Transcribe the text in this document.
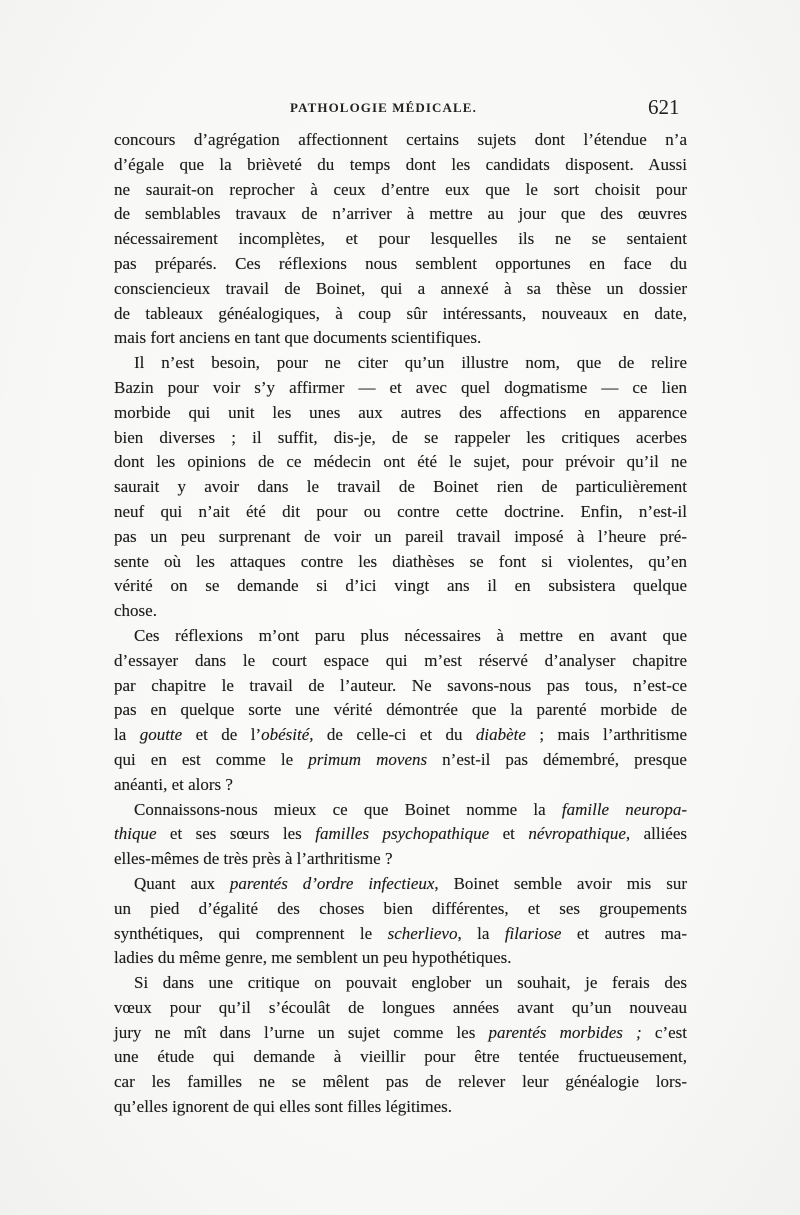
PATHOLOGIE MÉDICALE.	621
concours d’agrégation affectionnent certains sujets dont l’étendue n’a
d’égale que la brièveté du temps dont les candidats disposent. Aussi
ne saurait-on reprocher à ceux d’entre eux que le sort choisit pour
de semblables travaux de n’arriver à mettre au jour que des œuvres
nécessairement incomplètes, et pour lesquelles ils ne se sentaient
pas préparés. Ces réflexions nous semblent opportunes en face du
consciencieux travail de Boinet, qui a annexé à sa thèse un dossier
de tableaux généalogiques, à coup sûr intéressants, nouveaux en date,
mais fort anciens en tant que documents scientifiques.
Il n’est besoin, pour ne citer qu’un illustre nom, que de relire
Bazin pour voir s’y affirmer — et avec quel dogmatisme — ce lien
morbide qui unit les unes aux autres des affections en apparence
bien diverses ; il suffit, dis-je, de se rappeler les critiques acerbes
dont les opinions de ce médecin ont été le sujet, pour prévoir qu’il ne
saurait y avoir dans le travail de Boinet rien de particulièrement
neuf qui n’ait été dit pour ou contre cette doctrine. Enfin, n’est-il
pas un peu surprenant de voir un pareil travail imposé à l’heure pré-
sente où les attaques contre les diathèses se font si violentes, qu’en
vérité on se demande si d’ici vingt ans il en subsistera quelque
chose.
Ces réflexions m’ont paru plus nécessaires à mettre en avant que
d’essayer dans le court espace qui m’est réservé d’analyser chapitre
par chapitre le travail de l’auteur. Ne savons-nous pas tous, n’est-ce
pas en quelque sorte une vérité démontrée que la parenté morbide de
la goutte et de l’obésité, de celle-ci et du diabète ; mais l’arthritisme
qui en est comme le primum movens n’est-il pas démembré, presque
anéanti, et alors ?
Connaissons-nous mieux ce que Boinet nomme la famille neuropa-
thique et ses sœurs les familles psychopathique et névropathique, alliées
elles-mêmes de très près à l’arthritisme ?
Quant aux parentés d’ordre infectieux, Boinet semble avoir mis sur
un pied d’égalité des choses bien différentes, et ses groupements
synthétiques, qui comprennent le scherlievo, la filariose et autres ma-
ladies du même genre, me semblent un peu hypothétiques.
Si dans une critique on pouvait englober un souhait, je ferais des
vœux pour qu’il s’écoulât de longues années avant qu’un nouveau
jury ne mît dans l’urne un sujet comme les parentés morbides ; c’est
une étude qui demande à vieillir pour être tentée fructueusement,
car les familles ne se mêlent pas de relever leur généalogie lors-
qu’elles ignorent de qui elles sont filles légitimes.
